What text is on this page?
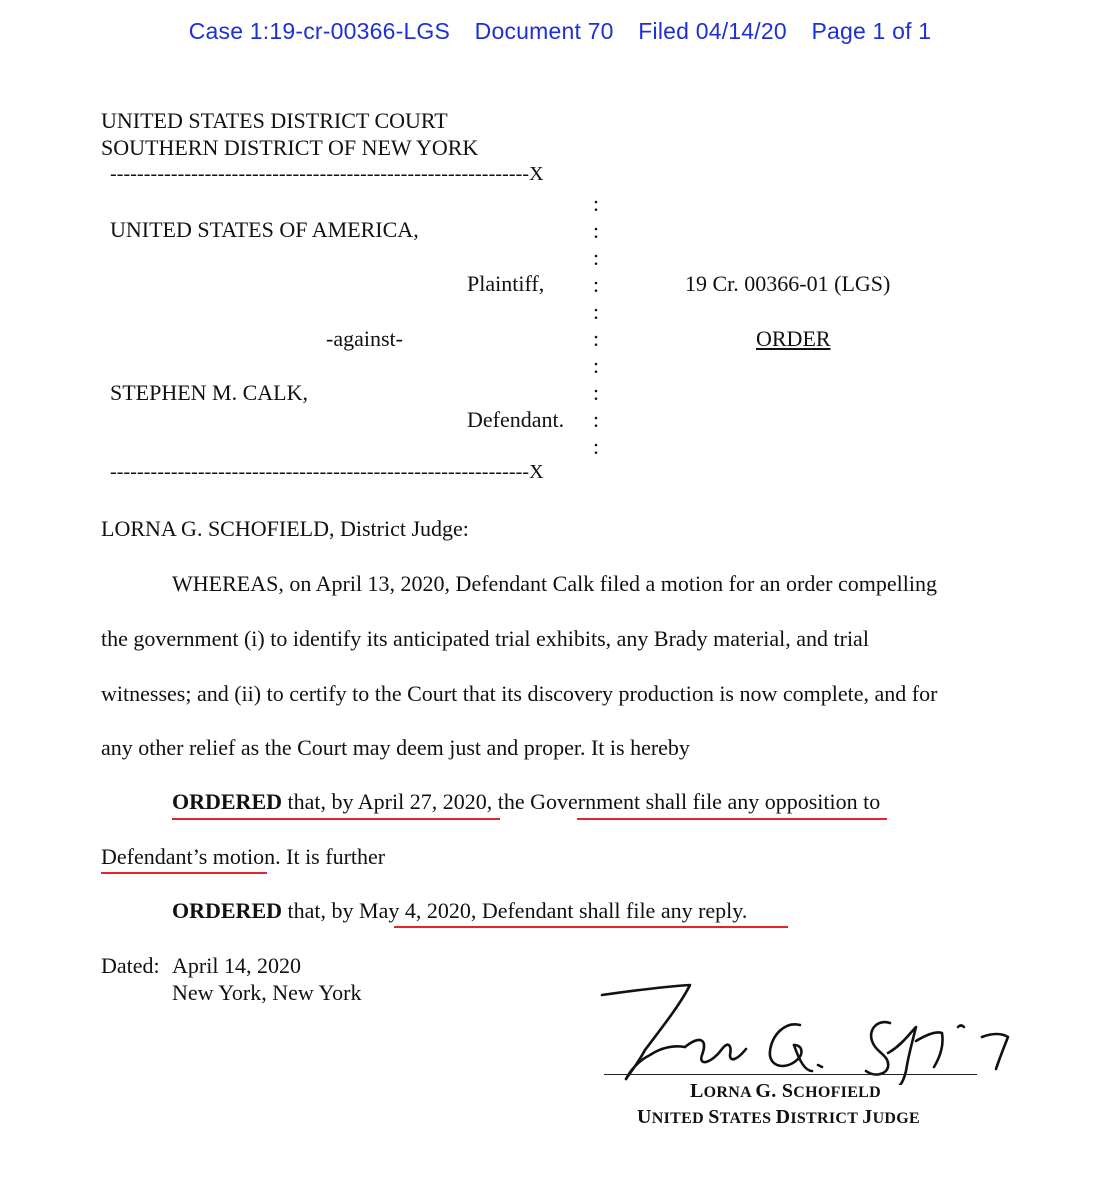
Case 1:19-cr-00366-LGS Document 70 Filed 04/14/20 Page 1 of 1
UNITED STATES DISTRICT COURT
SOUTHERN DISTRICT OF NEW YORK
--------------------------------------------------------------X
:
:
:
:
:
:
:
:
:
:
UNITED STATES OF AMERICA,
Plaintiff,
-against-
STEPHEN M. CALK,
Defendant.
19 Cr. 00366-01 (LGS)
ORDER
--------------------------------------------------------------X
LORNA G. SCHOFIELD, District Judge:
WHEREAS, on April 13, 2020, Defendant Calk filed a motion for an order compelling
the government (i) to identify its anticipated trial exhibits, any Brady material, and trial
witnesses; and (ii) to certify to the Court that its discovery production is now complete, and for
any other relief as the Court may deem just and proper. It is hereby
ORDERED that, by April 27, 2020, the Government shall file any opposition to
Defendant’s motion. It is further
ORDERED that, by May 4, 2020, Defendant shall file any reply.
Dated: April 14, 2020
New York, New York
LORNA G. SCHOFIELD
UNITED STATES DISTRICT JUDGE
